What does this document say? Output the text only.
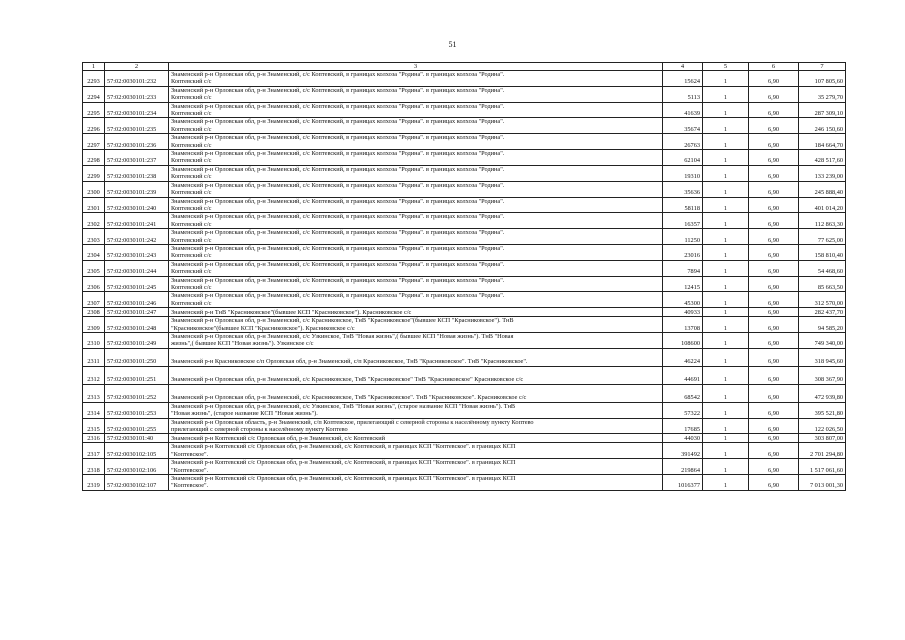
51
1	2	3	4	5	6	7
2293	57:02:0030101:232	Знаменский р-н Орловская обл, р-н Знаменский, с/с Коптевский, в границах колхоза "Родина". в границах колхоза "Родина".
Коптевский с/с	15624	1	6,90	107 805,60
2294	57:02:0030101:233	Знаменский р-н Орловская обл, р-н Знаменский, с/с Коптевский, в границах колхоза "Родина". в границах колхоза "Родина".
Коптевский с/с	5113	1	6,90	35 279,70
2295	57:02:0030101:234	Знаменский р-н Орловская обл, р-н Знаменский, с/с Коптевский, в границах колхоза "Родина". в границах колхоза "Родина".
Коптевский с/с	41639	1	6,90	287 309,10
2296	57:02:0030101:235	Знаменский р-н Орловская обл, р-н Знаменский, с/с Коптевский, в границах колхоза "Родина". в границах колхоза "Родина".
Коптевский с/с	35674	1	6,90	246 150,60
2297	57:02:0030101:236	Знаменский р-н Орловская обл, р-н Знаменский, с/с Коптевский, в границах колхоза "Родина". в границах колхоза "Родина".
Коптевский с/с	26763	1	6,90	184 664,70
2298	57:02:0030101:237	Знаменский р-н Орловская обл, р-н Знаменский, с/с Коптевский, в границах колхоза "Родина". в границах колхоза "Родина".
Коптевский с/с	62104	1	6,90	428 517,60
2299	57:02:0030101:238	Знаменский р-н Орловская обл, р-н Знаменский, с/с Коптевский, в границах колхоза "Родина". в границах колхоза "Родина".
Коптевский с/с	19310	1	6,90	133 239,00
2300	57:02:0030101:239	Знаменский р-н Орловская обл, р-н Знаменский, с/с Коптевский, в границах колхоза "Родина". в границах колхоза "Родина".
Коптевский с/с	35636	1	6,90	245 888,40
2301	57:02:0030101:240	Знаменский р-н Орловская обл, р-н Знаменский, с/с Коптевский, в границах колхоза "Родина". в границах колхоза "Родина".
Коптевский с/с	58118	1	6,90	401 014,20
2302	57:02:0030101:241	Знаменский р-н Орловская обл, р-н Знаменский, с/с Коптевский, в границах колхоза "Родина". в границах колхоза "Родина".
Коптевский с/с	16357	1	6,90	112 863,30
2303	57:02:0030101:242	Знаменский р-н Орловская обл, р-н Знаменский, с/с Коптевский, в границах колхоза "Родина". в границах колхоза "Родина".
Коптевский с/с	11250	1	6,90	77 625,00
2304	57:02:0030101:243	Знаменский р-н Орловская обл, р-н Знаменский, с/с Коптевский, в границах колхоза "Родина". в границах колхоза "Родина".
Коптевский с/с	23016	1	6,90	158 810,40
2305	57:02:0030101:244	Знаменский р-н Орловская обл, р-н Знаменский, с/с Коптевский, в границах колхоза "Родина". в границах колхоза "Родина".
Коптевский с/с	7894	1	6,90	54 468,60
2306	57:02:0030101:245	Знаменский р-н Орловская обл, р-н Знаменский, с/с Коптевский, в границах колхоза "Родина". в границах колхоза "Родина".
Коптевский с/с	12415	1	6,90	85 663,50
2307	57:02:0030101:246	Знаменский р-н Орловская обл, р-н Знаменский, с/с Коптевский, в границах колхоза "Родина". в границах колхоза "Родина".
Коптевский с/с	45300	1	6,90	312 570,00
2308	57:02:0030101:247	Знаменский р-н ТнВ "Красниковское"(бывшее КСП "Красниковское"). Красниковское с/с	40933	1	6,90	282 437,70
2309	57:02:0030101:248	Знаменский р-н Орловская обл, р-н Знаменский, с/с Красниковское, ТнВ "Красниковское"(бывшее КСП "Красниковское"). ТнВ
"Красниковское"(бывшее КСП "Красниковское"). Красниковское с/с	13708	1	6,90	94 585,20
2310	57:02:0030101:249	Знаменский р-н Орловская обл, р-н Знаменский, с/с Узкинское, ТнВ "Новая жизнь",( бывшее КСП "Новая жизнь"). ТнВ "Новая
жизнь",( бывшее КСП "Новая жизнь"). Узкинское с/с	108600	1	6,90	749 340,00
2311	57:02:0030101:250	Знаменский р-н Красниковское с/п Орловская обл, р-н Знаменский, с/п Красниковское, ТнВ "Красниковское". ТнВ "Красниковское".	46224	1	6,90	318 945,60
2312	57:02:0030101:251	Знаменский р-н Орловская обл, р-н Знаменский, с/с Красниковское, ТнВ "Красниковское" ТнВ "Красниковское" Красниковское с/с	44691	1	6,90	308 367,90
2313	57:02:0030101:252	Знаменский р-н Орловская обл, р-н Знаменский, с/с Красниковское, ТнВ "Красниковское". ТнВ "Красниковское". Красниковское с/с	68542	1	6,90	472 939,80
2314	57:02:0030101:253	Знаменский р-н Орловская обл, р-н Знаменский, с/с Узкинское, ТнВ "Новая жизнь", (старое название КСП "Новая жизнь"). ТнВ
"Новая жизнь", (старое название КСП "Новая жизнь").	57322	1	6,90	395 521,80
2315	57:02:0030101:255	Знаменский р-н Орловская область, р-н Знаменский, с/п Коптевское, прилегающий с северной стороны к населённому пункту Коптево
прилегающий с северной стороны к населённому пункту Коптево	17685	1	6,90	122 026,50
2316	57:02:0030101:40	Знаменский р-н Коптевский с/с Орловская обл, р-н Знаменский, с/с Коптевский	44030	1	6,90	303 807,00
2317	57:02:0030102:105	Знаменский р-н Коптевский с/с Орловская обл, р-н Знаменский, с/с Коптевский, в границах КСП "Коптевское". в границах КСП
"Коптевское".	391492	1	6,90	2 701 294,80
2318	57:02:0030102:106	Знаменский р-н Коптевский с/с Орловская обл, р-н Знаменский, с/с Коптевский, в границах КСП "Коптевское". в границах КСП
"Коптевское".	219864	1	6,90	1 517 061,60
2319	57:02:0030102:107	Знаменский р-н Коптевский с/с Орловская обл, р-н Знаменский, с/с Коптевский, в границах КСП "Коптевское". в границах КСП
"Коптевское".	1016377	1	6,90	7 013 001,30
